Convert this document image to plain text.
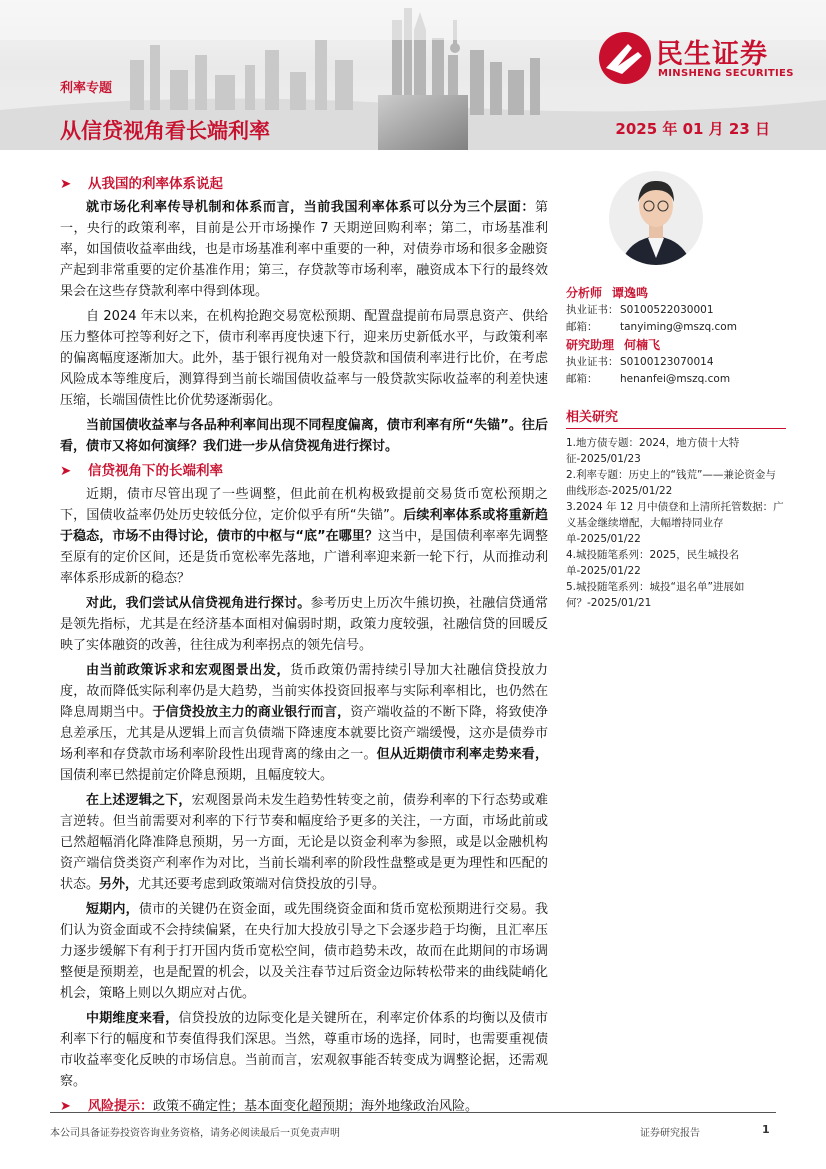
民生证券
MINSHENG SECURITIES
利率专题
从信贷视角看长端利率	2025 年 01 月 23 日
➤ 从我国的利率体系说起

就市场化利率传导机制和体系而言，当前我国利率体系可以分为三个层面：第一，央行的政策利率，目前是公开市场操作 7 天期逆回购利率；第二，市场基准利率，如国债收益率曲线，也是市场基准利率中重要的一种，对债券市场和很多金融资产起到非常重要的定价基准作用；第三，存贷款等市场利率，融资成本下行的最终效果会在这些存贷款利率中得到体现。

自 2024 年末以来，在机构抢跑交易宽松预期、配置盘提前布局票息资产、供给压力整体可控等利好之下，债市利率再度快速下行，迎来历史新低水平，与政策利率的偏离幅度逐渐加大。此外，基于银行视角对一般贷款和国债利率进行比价，在考虑风险成本等维度后，测算得到当前长端国债收益率与一般贷款实际收益率的利差快速压缩，长端国债性比价优势逐渐弱化。

当前国债收益率与各品种利率间出现不同程度偏离，债市利率有所“失锚”。往后看，债市又将如何演绎？我们进一步从信贷视角进行探讨。

➤ 信贷视角下的长端利率

近期，债市尽管出现了一些调整，但此前在机构极致提前交易货币宽松预期之下，国债收益率仍处历史较低分位，定价似乎有所“失锚”。后续利率体系或将重新趋于稳态，市场不由得讨论，债市的中枢与“底”在哪里？这当中，是国债利率率先调整至原有的定价区间，还是货币宽松率先落地，广谱利率迎来新一轮下行，从而推动利率体系形成新的稳态？

对此，我们尝试从信贷视角进行探讨。参考历史上历次牛熊切换，社融信贷通常是领先指标，尤其是在经济基本面相对偏弱时期，政策力度较强，社融信贷的回暖反映了实体融资的改善，往往成为利率拐点的领先信号。

由当前政策诉求和宏观图景出发，货币政策仍需持续引导加大社融信贷投放力度，故而降低实际利率仍是大趋势，当前实体投资回报率与实际利率相比，也仍然在降息周期当中。于信贷投放主力的商业银行而言，资产端收益的不断下降，将致使净息差承压，尤其是从逻辑上而言负债端下降速度本就要比资产端缓慢，这亦是债券市场利率和存贷款市场利率阶段性出现背离的缘由之一。但从近期债市利率走势来看，国债利率已然提前定价降息预期，且幅度较大。

在上述逻辑之下，宏观图景尚未发生趋势性转变之前，债券利率的下行态势或难言逆转。但当前需要对利率的下行节奏和幅度给予更多的关注，一方面，市场此前或已然超幅消化降准降息预期，另一方面，无论是以资金利率为参照，或是以金融机构资产端信贷类资产利率作为对比，当前长端利率的阶段性盘整或是更为理性和匹配的状态。另外，尤其还要考虑到政策端对信贷投放的引导。

短期内，债市的关键仍在资金面，或先围绕资金面和货币宽松预期进行交易。我们认为资金面或不会持续偏紧，在央行加大投放引导之下会逐步趋于均衡，且汇率压力逐步缓解下有利于打开国内货币宽松空间，债市趋势未改，故而在此期间的市场调整便是预期差，也是配置的机会，以及关注春节过后资金边际转松带来的曲线陡峭化机会，策略上则以久期应对占优。

中期维度来看，信贷投放的边际变化是关键所在，利率定价体系的均衡以及债市利率下行的幅度和节奏值得我们深思。当然，尊重市场的选择，同时，也需要重视债市收益率变化反映的市场信息。当前而言，宏观叙事能否转变成为调整论据，还需观察。

➤ 风险提示：政策不确定性；基本面变化超预期；海外地缘政治风险。
分析师 谭逸鸣
执业证书： S0100522030001
邮箱： tanyiming@mszq.com
研究助理 何楠飞
执业证书： S0100123070014
邮箱： henanfei@mszq.com
相关研究
1.地方债专题：2024，地方债十大特征-2025/01/23
2.利率专题：历史上的“钱荒”——兼论资金与曲线形态-2025/01/22
3.2024 年 12 月中债登和上清所托管数据：广义基金继续增配，大幅增持同业存单-2025/01/22
4.城投随笔系列：2025，民生城投名单-2025/01/22
5.城投随笔系列：城投“退名单”进展如何？-2025/01/21
本公司具备证券投资咨询业务资格，请务必阅读最后一页免责声明	证券研究报告	1
